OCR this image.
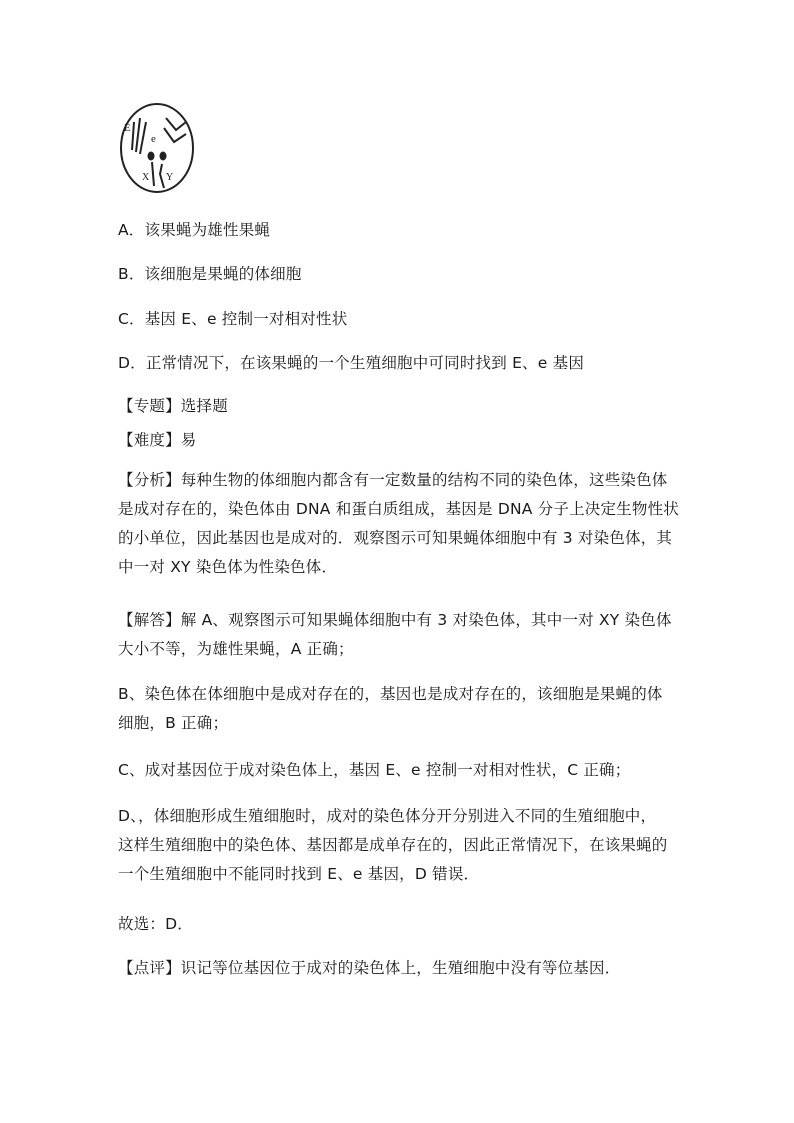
E
e
X Y
A．该果蝇为雄性果蝇
B．该细胞是果蝇的体细胞
C．基因 E、e 控制一对相对性状
D．正常情况下，在该果蝇的一个生殖细胞中可同时找到 E、e 基因
【专题】选择题
【难度】易
【分析】每种生物的体细胞内都含有一定数量的结构不同的染色体，这些染色体
是成对存在的，染色体由 DNA 和蛋白质组成，基因是 DNA 分子上决定生物性状
的小单位，因此基因也是成对的．观察图示可知果蝇体细胞中有 3 对染色体，其
中一对 XY 染色体为性染色体．
【解答】解 A、观察图示可知果蝇体细胞中有 3 对染色体，其中一对 XY 染色体
大小不等，为雄性果蝇，A 正确；
B、染色体在体细胞中是成对存在的，基因也是成对存在的，该细胞是果蝇的体
细胞，B 正确；
C、成对基因位于成对染色体上，基因 E、e 控制一对相对性状，C 正确；
D、，体细胞形成生殖细胞时，成对的染色体分开分别进入不同的生殖细胞中，
这样生殖细胞中的染色体、基因都是成单存在的，因此正常情况下，在该果蝇的
一个生殖细胞中不能同时找到 E、e 基因，D 错误．
故选：D．
【点评】识记等位基因位于成对的染色体上，生殖细胞中没有等位基因．
